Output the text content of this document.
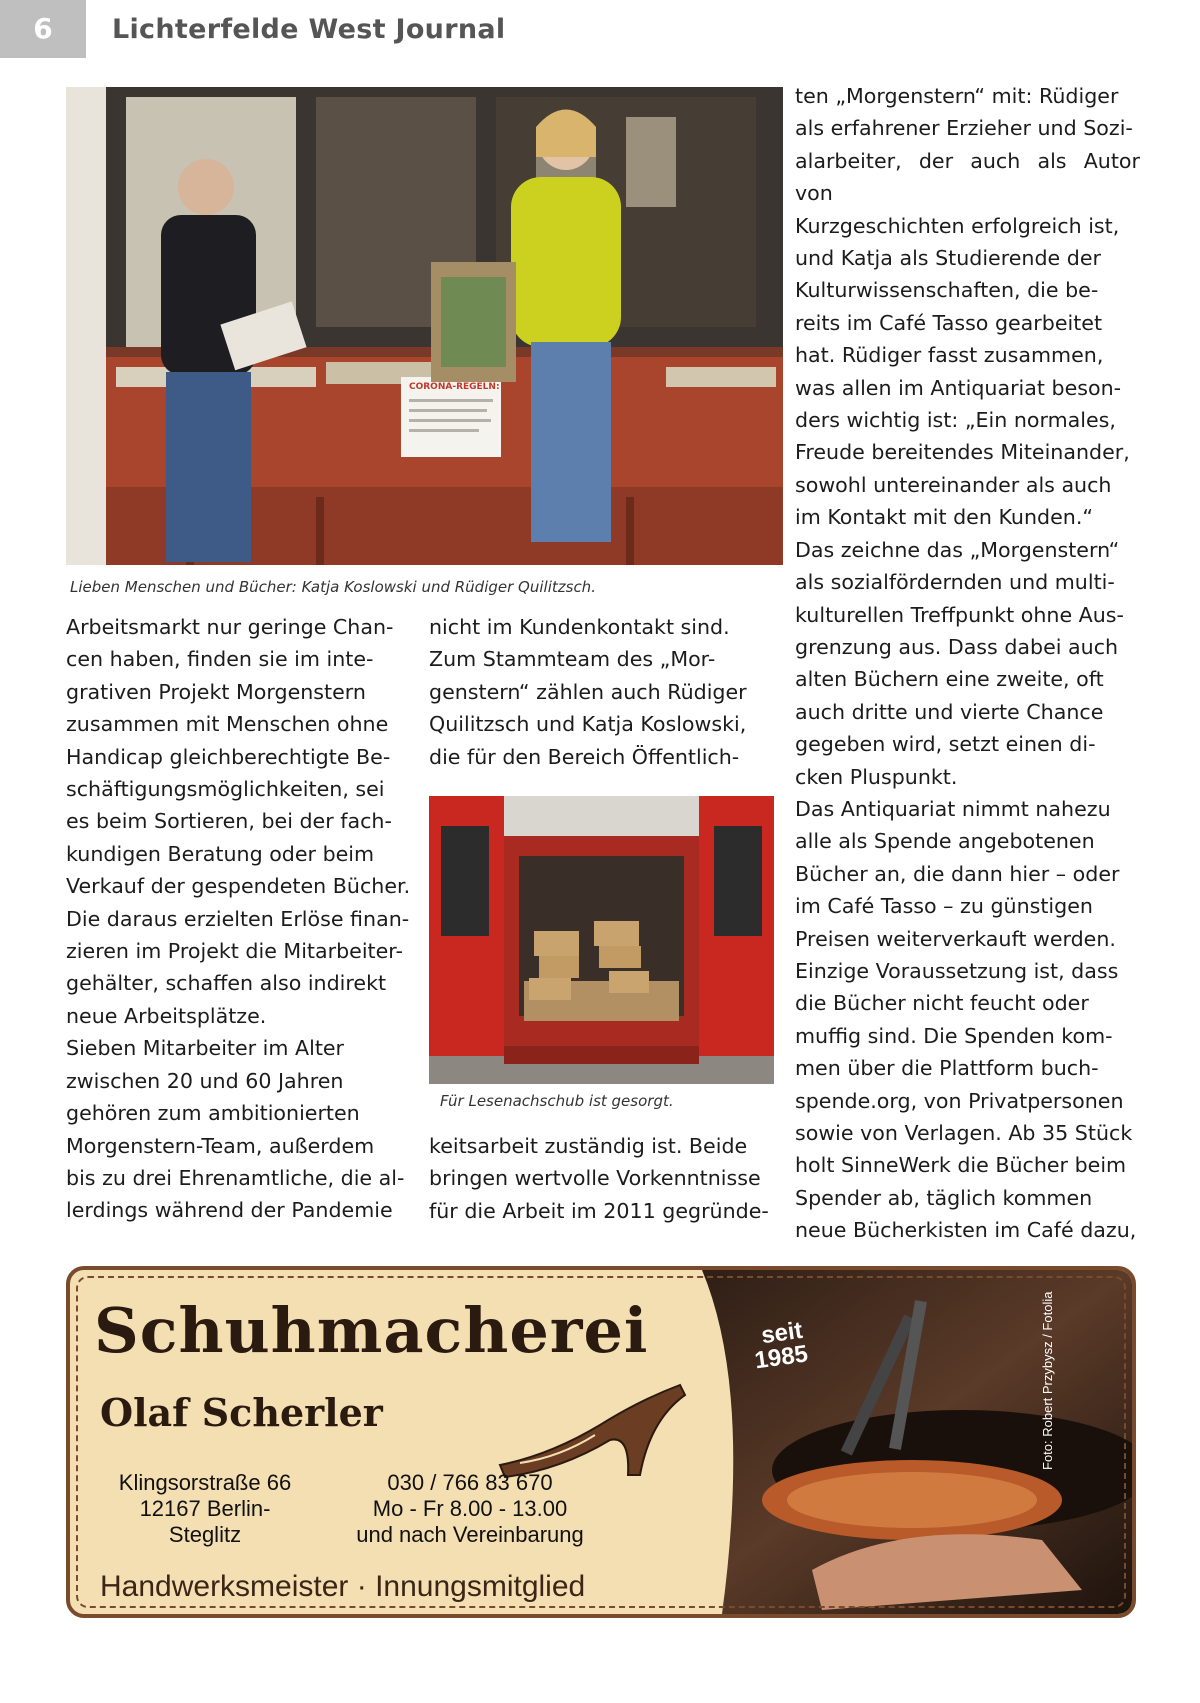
6	Lichterfelde West Journal
CORONA-REGELN:
Lieben Menschen und Bücher: Katja Koslowski und Rüdiger Quilitzsch.
Arbeitsmarkt nur geringe Chan-
cen haben, finden sie im inte-
grativen Projekt Morgenstern
zusammen mit Menschen ohne
Handicap gleichberechtigte Be-
schäftigungsmöglichkeiten, sei
es beim Sortieren, bei der fach-
kundigen Beratung oder beim
Verkauf der gespendeten Bücher.
Die daraus erzielten Erlöse finan-
zieren im Projekt die Mitarbeiter-
gehälter, schaffen also indirekt
neue Arbeitsplätze.
Sieben Mitarbeiter im Alter
zwischen 20 und 60 Jahren
gehören zum ambitionierten
Morgenstern-Team, außerdem
bis zu drei Ehrenamtliche, die al-
lerdings während der Pandemie
nicht im Kundenkontakt sind.
Zum Stammteam des „Mor-
genstern“ zählen auch Rüdiger
Quilitzsch und Katja Koslowski,
die für den Bereich Öffentlich-
Für Lesenachschub ist gesorgt.
keitsarbeit zuständig ist. Beide
bringen wertvolle Vorkenntnisse
für die Arbeit im 2011 gegründe-
ten „Morgenstern“ mit: Rüdiger
als erfahrener Erzieher und Sozi-
alarbeiter, der auch als Autor von
Kurzgeschichten erfolgreich ist,
und Katja als Studierende der
Kulturwissenschaften, die be-
reits im Café Tasso gearbeitet
hat. Rüdiger fasst zusammen,
was allen im Antiquariat beson-
ders wichtig ist: „Ein normales,
Freude bereitendes Miteinander,
sowohl untereinander als auch
im Kontakt mit den Kunden.“
Das zeichne das „Morgenstern“
als sozialfördernden und multi-
kulturellen Treffpunkt ohne Aus-
grenzung aus. Dass dabei auch
alten Büchern eine zweite, oft
auch dritte und vierte Chance
gegeben wird, setzt einen di-
cken Pluspunkt.
Das Antiquariat nimmt nahezu
alle als Spende angebotenen
Bücher an, die dann hier – oder
im Café Tasso – zu günstigen
Preisen weiterverkauft werden.
Einzige Voraussetzung ist, dass
die Bücher nicht feucht oder
muffig sind. Die Spenden kom-
men über die Plattform buch-
spende.org, von Privatpersonen
sowie von Verlagen. Ab 35 Stück
holt SinneWerk die Bücher beim
Spender ab, täglich kommen
neue Bücherkisten im Café dazu,
Schuhmacherei
Olaf Scherler
seit
1985
Klingsorstraße 66
12167 Berlin-
Steglitz
030 / 766 83 670
Mo - Fr 8.00 - 13.00
und nach Vereinbarung
Handwerksmeister · Innungsmitglied
Foto: Robert Przybysz / Fotolia
